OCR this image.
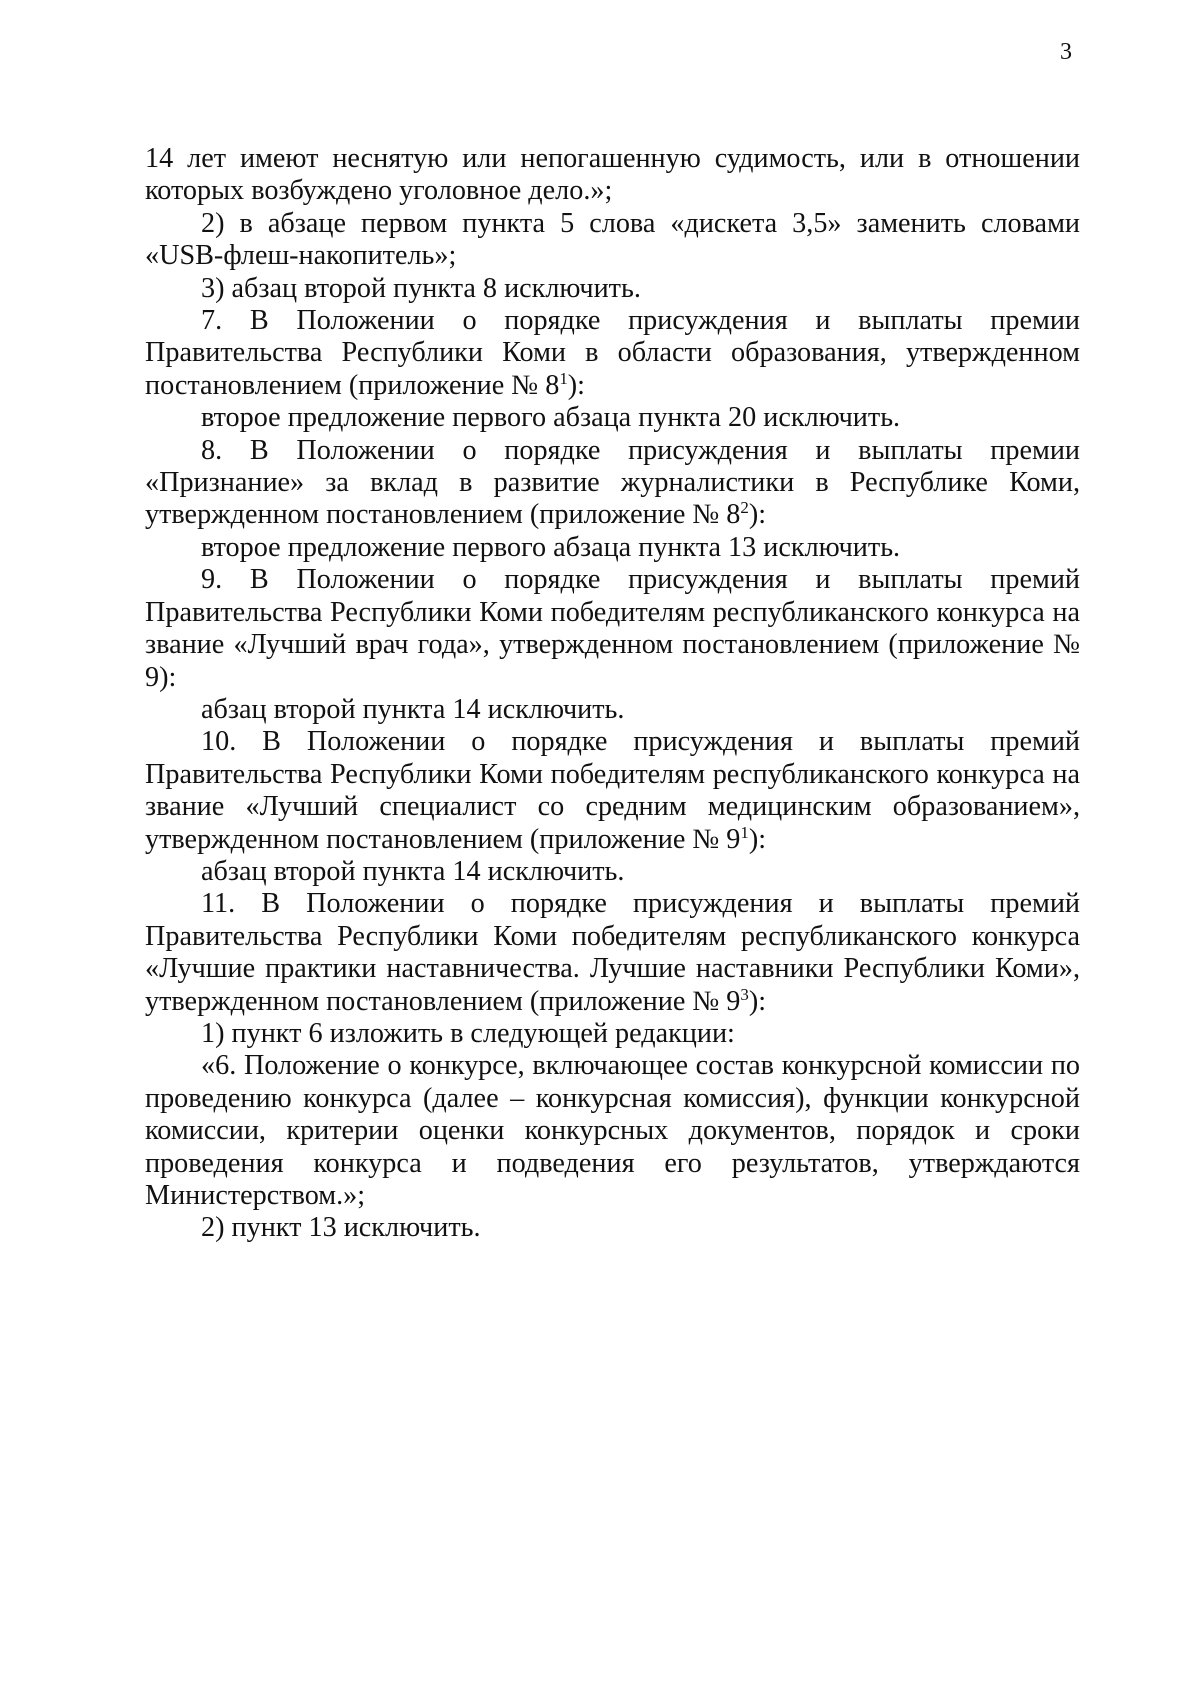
3

14 лет имеют неснятую или непогашенную судимость, или в отношении которых возбуждено уголовное дело.»;

2) в абзаце первом пункта 5 слова «дискета 3,5» заменить словами «USB-флеш-накопитель»;

3) абзац второй пункта 8 исключить.

7. В Положении о порядке присуждения и выплаты премии Правительства Республики Коми в области образования, утвержденном постановлением (приложение № $8^1$):

второе предложение первого абзаца пункта 20 исключить.

8. В Положении о порядке присуждения и выплаты премии «Признание» за вклад в развитие журналистики в Республике Коми, утвержденном постановлением (приложение № $8^2$):

второе предложение первого абзаца пункта 13 исключить.

9. В Положении о порядке присуждения и выплаты премий Правительства Республики Коми победителям республиканского конкурса на звание «Лучший врач года», утвержденном постановлением (приложение № 9):

абзац второй пункта 14 исключить.

10. В Положении о порядке присуждения и выплаты премий Правительства Республики Коми победителям республиканского конкурса на звание «Лучший специалист со средним медицинским образованием», утвержденном постановлением (приложение № $9^1$):

абзац второй пункта 14 исключить.

11. В Положении о порядке присуждения и выплаты премий Правительства Республики Коми победителям республиканского конкурса «Лучшие практики наставничества. Лучшие наставники Республики Коми», утвержденном постановлением (приложение № $9^3$):

1) пункт 6 изложить в следующей редакции:

«6. Положение о конкурсе, включающее состав конкурсной комиссии по проведению конкурса (далее – конкурсная комиссия), функции конкурсной комиссии, критерии оценки конкурсных документов, порядок и сроки проведения конкурса и подведения его результатов, утверждаются Министерством.»;

2) пункт 13 исключить.
